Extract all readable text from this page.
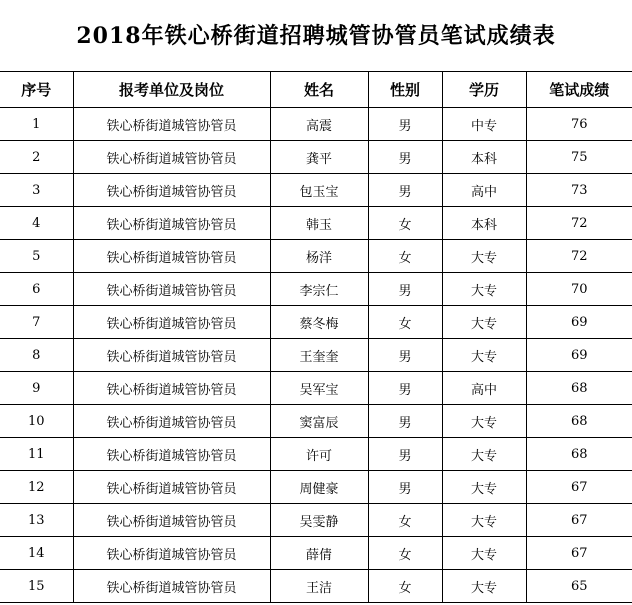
2018年铁心桥街道招聘城管协管员笔试成绩表
序号	报考单位及岗位	姓名	性别	学历	笔试成绩
1	铁心桥街道城管协管员	高震	男	中专	76
2	铁心桥街道城管协管员	龚平	男	本科	75
3	铁心桥街道城管协管员	包玉宝	男	高中	73
4	铁心桥街道城管协管员	韩玉	女	本科	72
5	铁心桥街道城管协管员	杨洋	女	大专	72
6	铁心桥街道城管协管员	李宗仁	男	大专	70
7	铁心桥街道城管协管员	蔡冬梅	女	大专	69
8	铁心桥街道城管协管员	王奎奎	男	大专	69
9	铁心桥街道城管协管员	吴军宝	男	高中	68
10	铁心桥街道城管协管员	窦富辰	男	大专	68
11	铁心桥街道城管协管员	许可	男	大专	68
12	铁心桥街道城管协管员	周健豪	男	大专	67
13	铁心桥街道城管协管员	吴雯静	女	大专	67
14	铁心桥街道城管协管员	薛倩	女	大专	67
15	铁心桥街道城管协管员	王洁	女	大专	65
